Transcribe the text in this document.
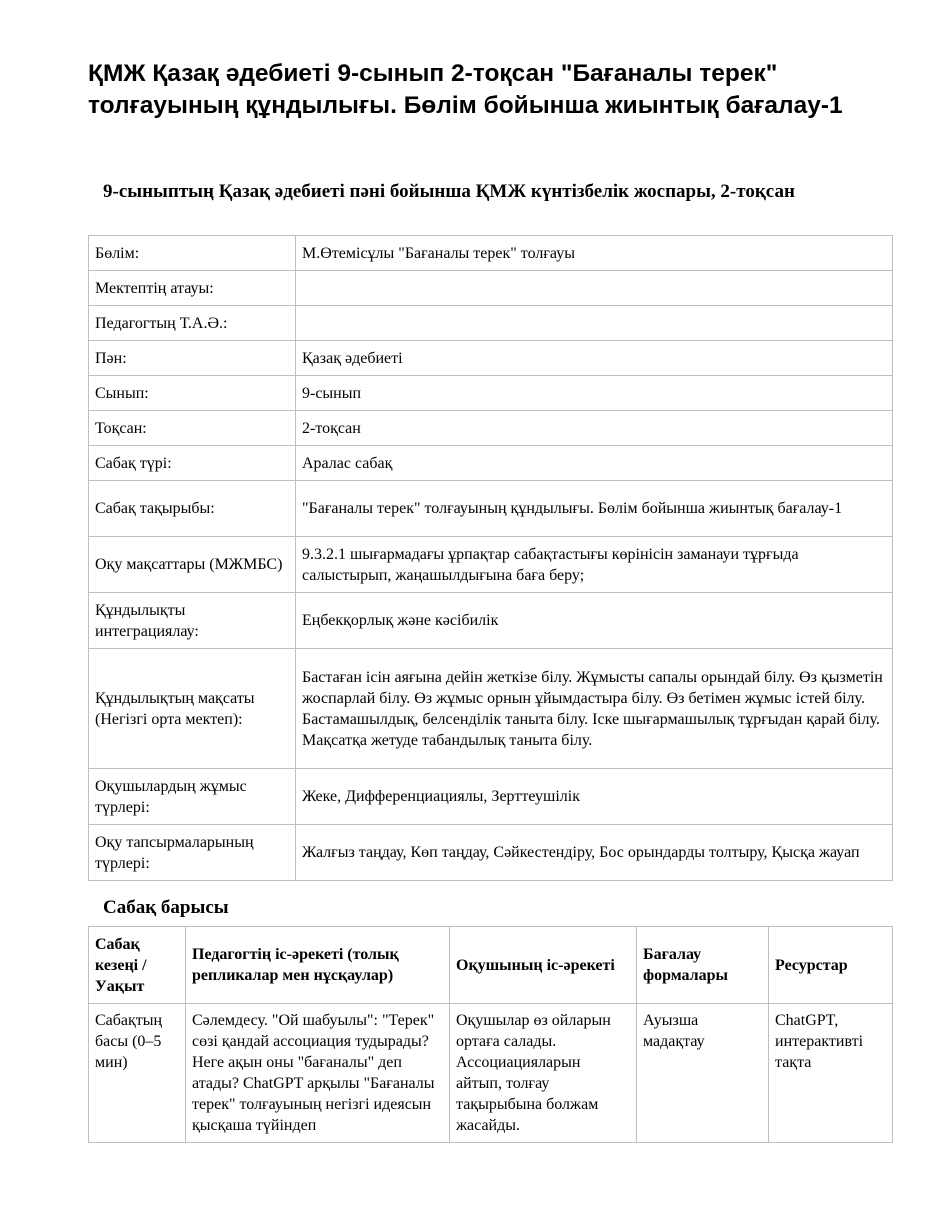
ҚМЖ Қазақ әдебиеті 9-сынып 2-тоқсан "Бағаналы терек" толғауының құндылығы. Бөлім бойынша жиынтық бағалау-1
9-сыныптың Қазақ әдебиеті пәні бойынша ҚМЖ күнтізбелік жоспары, 2-тоқсан
Бөлім:	М.Өтемісұлы "Бағаналы терек" толғауы
Мектептің атауы:	
Педагогтың Т.А.Ә.:	
Пән:	Қазақ әдебиеті
Сынып:	9-сынып
Тоқсан:	2-тоқсан
Сабақ түрі:	Аралас сабақ
Сабақ тақырыбы:	"Бағаналы терек" толғауының құндылығы. Бөлім бойынша жиынтық бағалау-1
Оқу мақсаттары (МЖМБС)	9.3.2.1 шығармадағы ұрпақтар сабақтастығы көрінісін заманауи тұрғыда салыстырып, жаңашылдығына баға беру;
Құндылықты интеграциялау:	Еңбекқорлық және кәсібилік
Құндылықтың мақсаты (Негізгі орта мектеп):	Бастаған ісін аяғына дейін жеткізе білу. Жұмысты сапалы орындай білу. Өз қызметін жоспарлай білу. Өз жұмыс орнын ұйымдастыра білу. Өз бетімен жұмыс істей білу. Бастамашылдық, белсенділік таныта білу. Іске шығармашылық тұрғыдан қарай білу. Мақсатқа жетуде табандылық таныта білу.
Оқушылардың жұмыс түрлері:	Жеке, Дифференциациялы, Зерттеушілік
Оқу тапсырмаларының түрлері:	Жалғыз таңдау, Көп таңдау, Сәйкестендіру, Бос орындарды толтыру, Қысқа жауап
Сабақ барысы
Сабақ кезеңі / Уақыт	Педагогтің іс-әрекеті (толық репликалар мен нұсқаулар)	Оқушының іс-әрекеті	Бағалау формалары	Ресурстар
Сабақтың басы (0–5 мин)	Сәлемдесу. "Ой шабуылы": "Терек" сөзі қандай ассоциация тудырады? Неге ақын оны "бағаналы" деп атады? ChatGPT арқылы "Бағаналы терек" толғауының негізгі идеясын қысқаша түйіндеп	Оқушылар өз ойларын ортаға салады. Ассоциацияларын айтып, толғау тақырыбына болжам жасайды.	Ауызша мадақтау	ChatGPT, интерактивті тақта
